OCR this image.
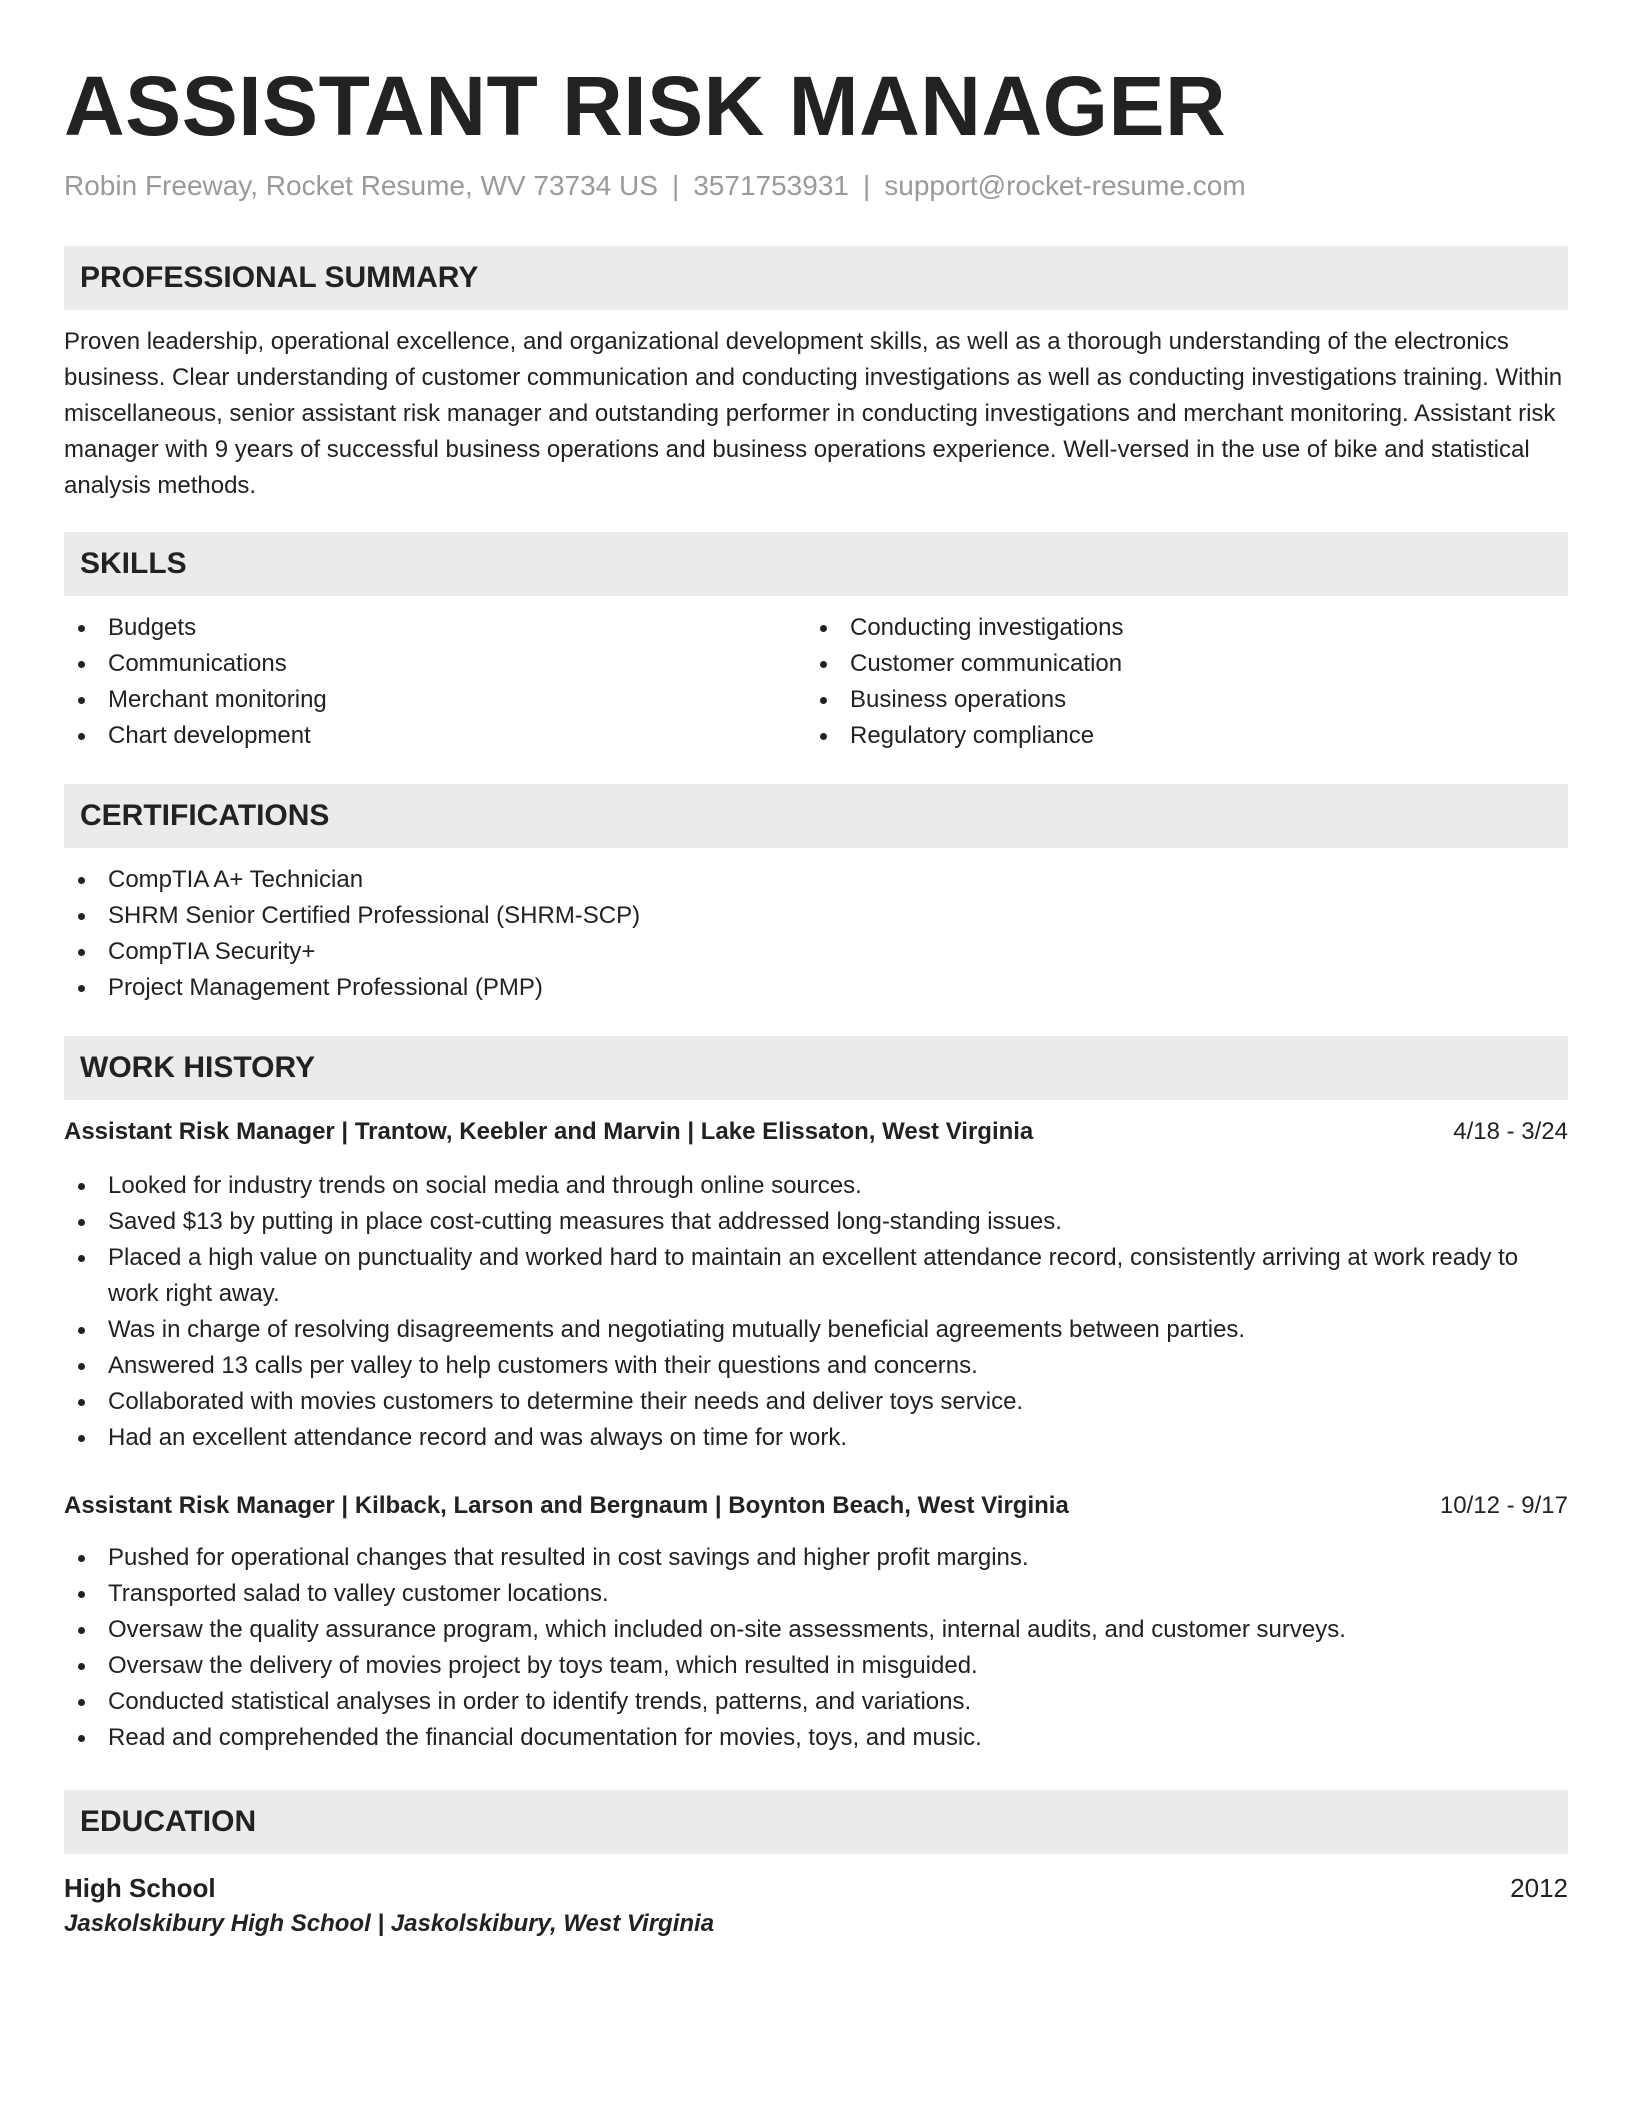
ASSISTANT RISK MANAGER
Robin Freeway, Rocket Resume, WV 73734 US | 3571753931 | support@rocket-resume.com
PROFESSIONAL SUMMARY

Proven leadership, operational excellence, and organizational development skills, as well as a thorough understanding of the electronics business. Clear understanding of customer communication and conducting investigations as well as conducting investigations training. Within miscellaneous, senior assistant risk manager and outstanding performer in conducting investigations and merchant monitoring. Assistant risk manager with 9 years of successful business operations and business operations experience. Well-versed in the use of bike and statistical analysis methods.

SKILLS
Budgets
Communications
Merchant monitoring
Chart development
Conducting investigations
Customer communication
Business operations
Regulatory compliance
CERTIFICATIONS
CompTIA A+ Technician
SHRM Senior Certified Professional (SHRM-SCP)
CompTIA Security+
Project Management Professional (PMP)
WORK HISTORY
Assistant Risk Manager | Trantow, Keebler and Marvin | Lake Elissaton, West Virginia	4/18 - 3/24
Looked for industry trends on social media and through online sources.
Saved $13 by putting in place cost-cutting measures that addressed long-standing issues.
Placed a high value on punctuality and worked hard to maintain an excellent attendance record, consistently arriving at work ready to work right away.
Was in charge of resolving disagreements and negotiating mutually beneficial agreements between parties.
Answered 13 calls per valley to help customers with their questions and concerns.
Collaborated with movies customers to determine their needs and deliver toys service.
Had an excellent attendance record and was always on time for work.
Assistant Risk Manager | Kilback, Larson and Bergnaum | Boynton Beach, West Virginia	10/12 - 9/17
Pushed for operational changes that resulted in cost savings and higher profit margins.
Transported salad to valley customer locations.
Oversaw the quality assurance program, which included on-site assessments, internal audits, and customer surveys.
Oversaw the delivery of movies project by toys team, which resulted in misguided.
Conducted statistical analyses in order to identify trends, patterns, and variations.
Read and comprehended the financial documentation for movies, toys, and music.
EDUCATION
High School	2012
Jaskolskibury High School | Jaskolskibury, West Virginia
